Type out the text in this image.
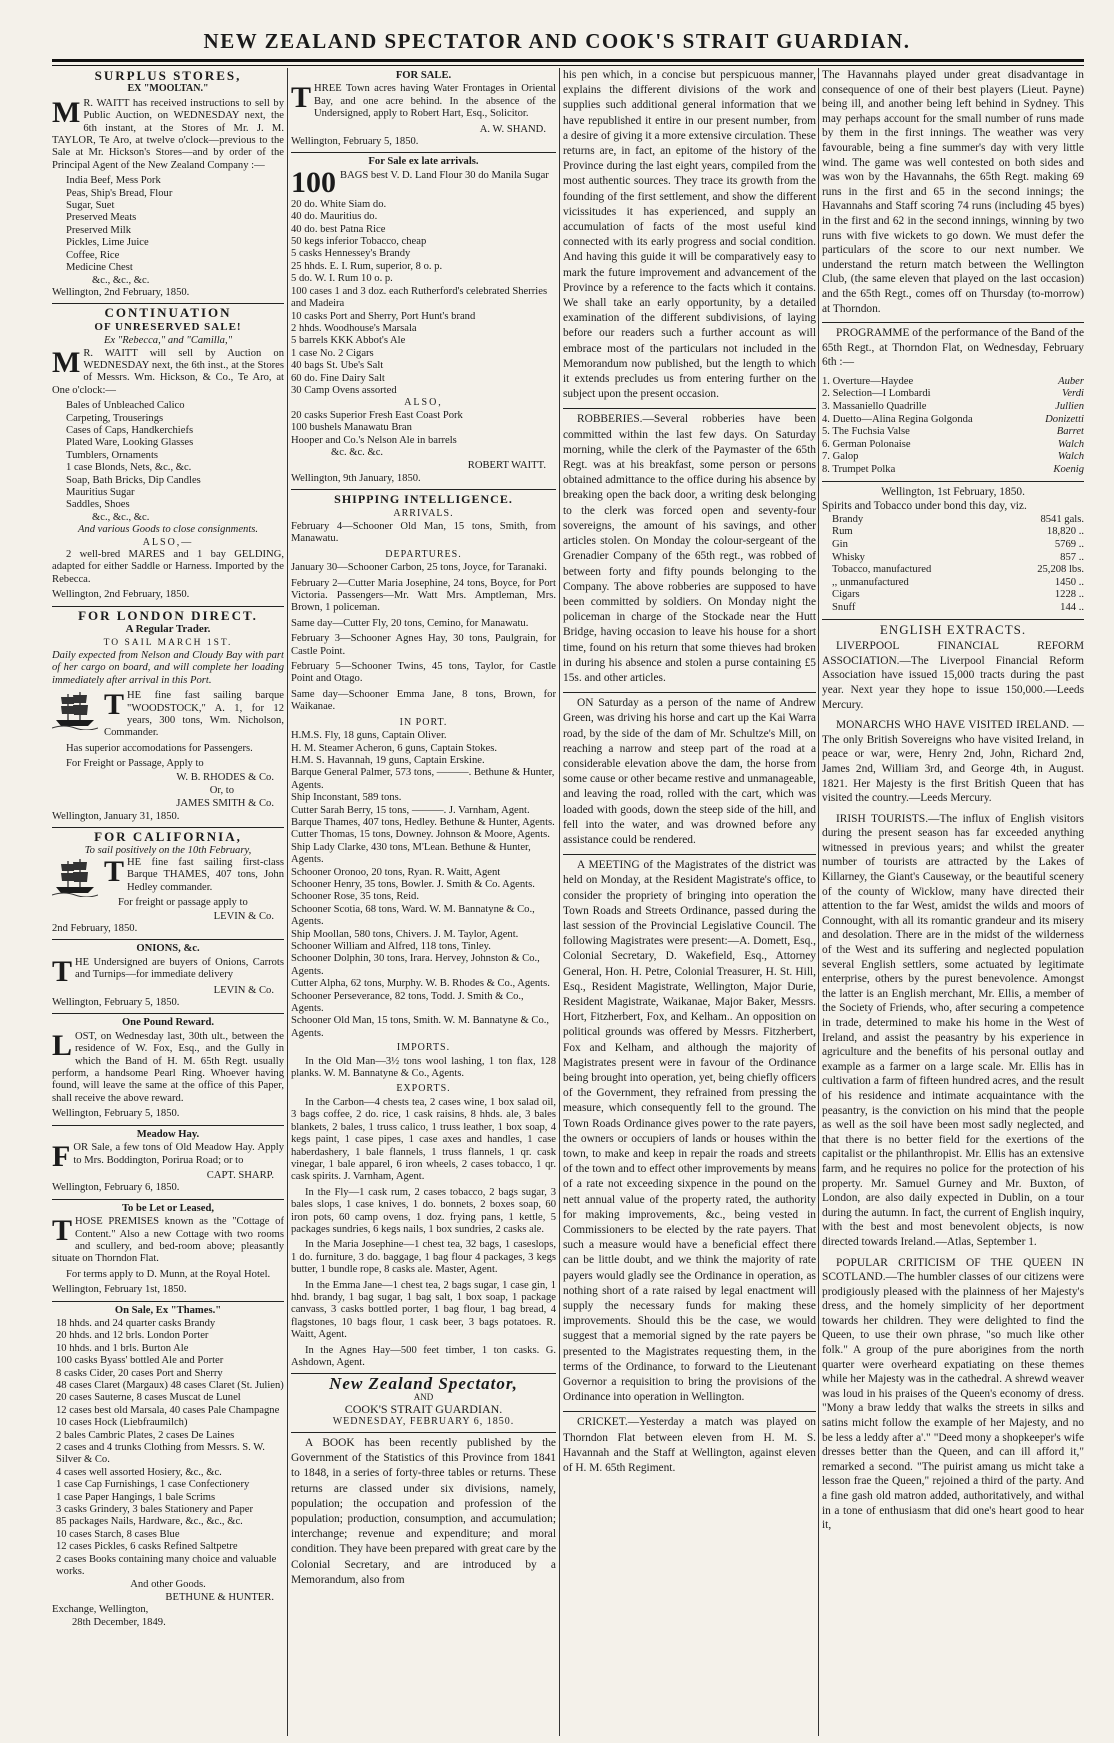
NEW ZEALAND SPECTATOR AND COOK'S STRAIT GUARDIAN.
SURPLUS STORES,
EX "MOOLTAN."
M R. WAITT has received instructions to sell by Public Auction, on WEDNESDAY next, the 6th instant, at the Stores of Mr. J. M. TAYLOR, Te Aro, at twelve o'clock—previous to the Sale at Mr. Hickson's Stores—and by order of the Principal Agent of the New Zealand Company :—
India Beef, Mess Pork
Peas, Ship's Bread, Flour
Sugar, Suet
Preserved Meats
Preserved Milk
Pickles, Lime Juice
Coffee, Rice
Medicine Chest
&c., &c., &c.
Wellington, 2nd February, 1850.
CONTINUATION
OF UNRESERVED SALE!
Ex "Rebecca," and "Camilla,"
M R. WAITT will sell by Auction on WEDNESDAY next, the 6th inst., at the Stores of Messrs. Wm. Hickson, & Co., Te Aro, at One o'clock:—
Bales of Unbleached Calico
Carpeting, Trouserings
Cases of Caps, Handkerchiefs
Plated Ware, Looking Glasses
Tumblers, Ornaments
1 case Blonds, Nets, &c., &c.
Soap, Bath Bricks, Dip Candles
Mauritius Sugar
Saddles, Shoes
&c., &c., &c.
And various Goods to close consignments.
ALSO,—
2 well-bred MARES and 1 bay GELDING, adapted for either Saddle or Harness. Imported by the Rebecca.
Wellington, 2nd February, 1850.
FOR LONDON DIRECT.
A Regular Trader.
TO SAIL MARCH 1ST.
Daily expected from Nelson and Cloudy Bay with part of her cargo on board, and will complete her loading immediately after arrival in this Port.
THE fine fast sailing barque "WOODSTOCK," A. 1, for 12 years, 300 tons, Wm. Nicholson, Commander.
Has superior accomodations for Passengers.
For Freight or Passage, Apply to
W. B. RHODES & Co.
Or, to
JAMES SMITH & Co.
Wellington, January 31, 1850.
FOR CALIFORNIA,
To sail positively on the 10th February,
THE fine fast sailing first-class Barque THAMES, 407 tons, John Hedley commander.
For freight or passage apply to
LEVIN & Co.
2nd February, 1850.
ONIONS, &c.
THE Undersigned are buyers of Onions, Carrots and Turnips—for immediate delivery
LEVIN & Co.
Wellington, February 5, 1850.
One Pound Reward.
LOST, on Wednesday last, 30th ult., between the residence of W. Fox, Esq., and the Gully in which the Band of H. M. 65th Regt. usually perform, a handsome Pearl Ring. Whoever having found, will leave the same at the office of this Paper, shall receive the above reward.
Wellington, February 5, 1850.
Meadow Hay.
FOR Sale, a few tons of Old Meadow Hay. Apply to Mrs. Boddington, Porirua Road; or to
CAPT. SHARP.
Wellington, February 6, 1850.
To be Let or Leased,
THOSE PREMISES known as the "Cottage of Content." Also a new Cottage with two rooms and scullery, and bed-room above; pleasantly situate on Thorndon Flat.
For terms apply to D. Munn, at the Royal Hotel.
Wellington, February 1st, 1850.
On Sale, Ex "Thames."
18 hhds. and 24 quarter casks Brandy
20 hhds. and 12 brls. London Porter
10 hhds. and 1 brls. Burton Ale
100 casks Byass' bottled Ale and Porter
8 casks Cider, 20 cases Port and Sherry
48 cases Claret (Margaux) 48 cases Claret (St. Julien)
20 cases Sauterne, 8 cases Muscat de Lunel
12 cases best old Marsala, 40 cases Pale Champagne
10 cases Hock (Liebfraumilch)
2 bales Cambric Plates, 2 cases De Laines
2 cases and 4 trunks Clothing from Messrs. S. W. Silver & Co.
4 cases well assorted Hosiery, &c., &c.
1 case Cap Furnishings, 1 case Confectionery
1 case Paper Hangings, 1 bale Scrims
3 casks Grindery, 3 bales Stationery and Paper
85 packages Nails, Hardware, &c., &c., &c.
10 cases Starch, 8 cases Blue
12 cases Pickles, 6 casks Refined Saltpetre
2 cases Books containing many choice and valuable works.
And other Goods.
BETHUNE & HUNTER.
Exchange, Wellington,
28th December, 1849.
FOR SALE.
THREE Town acres having Water Frontages in Oriental Bay, and one acre behind. In the absence of the Undersigned, apply to Robert Hart, Esq., Solicitor.
A. W. SHAND.
Wellington, February 5, 1850.
For Sale ex late arrivals.
100 BAGS best V. D. Land Flour 30 do Manila Sugar
20 do. White Siam do.
40 do. Mauritius do.
40 do. best Patna Rice
50 kegs inferior Tobacco, cheap
5 casks Hennessey's Brandy
25 hhds. E. I. Rum, superior, 8 o. p.
5 do. W. I. Rum 10 o. p.
100 cases 1 and 3 doz. each Rutherford's celebrated Sherries and Madeira
10 casks Port and Sherry, Port Hunt's brand
2 hhds. Woodhouse's Marsala
5 barrels KKK Abbot's Ale
1 case No. 2 Cigars
40 bags St. Ube's Salt
60 do. Fine Dairy Salt
30 Camp Ovens assorted
ALSO,
20 casks Superior Fresh East Coast Pork
100 bushels Manawatu Bran
Hooper and Co.'s Nelson Ale in barrels
&c. &c. &c.
ROBERT WAITT.
Wellington, 9th January, 1850.
SHIPPING INTELLIGENCE.
ARRIVALS.
February 4—Schooner Old Man, 15 tons, Smith, from Manawatu.
DEPARTURES.
January 30—Schooner Carbon, 25 tons, Joyce, for Taranaki.
February 2—Cutter Maria Josephine, 24 tons, Boyce, for Port Victoria. Passengers—Mr. Watt Mrs. Amptleman, Mrs. Brown, 1 policeman.
Same day—Cutter Fly, 20 tons, Cemino, for Manawatu.
February 3—Schooner Agnes Hay, 30 tons, Paulgrain, for Castle Point.
February 5—Schooner Twins, 45 tons, Taylor, for Castle Point and Otago.
Same day—Schooner Emma Jane, 8 tons, Brown, for Waikanae.
IN PORT.
H.M.S. Fly, 18 guns, Captain Oliver.
H. M. Steamer Acheron, 6 guns, Captain Stokes.
H.M. S. Havannah, 19 guns, Captain Erskine.
Barque General Palmer, 573 tons, ———. Bethune & Hunter, Agents.
Ship Inconstant, 589 tons.
Cutter Sarah Berry, 15 tons, ———. J. Varnham, Agent.
Barque Thames, 407 tons, Hedley. Bethune & Hunter, Agents.
Cutter Thomas, 15 tons, Downey. Johnson & Moore, Agents.
Ship Lady Clarke, 430 tons, M'Lean. Bethune & Hunter, Agents.
Schooner Oronoo, 20 tons, Ryan. R. Waitt, Agent
Schooner Henry, 35 tons, Bowler. J. Smith & Co. Agents.
Schooner Rose, 35 tons, Reid.
Schooner Scotia, 68 tons, Ward. W. M. Bannatyne & Co., Agents.
Ship Moollan, 580 tons, Chivers. J. M. Taylor, Agent.
Schooner William and Alfred, 118 tons, Tinley.
Schooner Dolphin, 30 tons, Irara. Hervey, Johnston & Co., Agents.
Cutter Alpha, 62 tons, Murphy. W. B. Rhodes & Co., Agents.
Schooner Perseverance, 82 tons, Todd. J. Smith & Co., Agents.
Schooner Old Man, 15 tons, Smith. W. M. Bannatyne & Co., Agents.
IMPORTS.
In the Old Man—3½ tons wool lashing, 1 ton flax, 128 planks. W. M. Bannatyne & Co., Agents.
EXPORTS.
In the Carbon—4 chests tea, 2 cases wine, 1 box salad oil, 3 bags coffee, 2 do. rice, 1 cask raisins, 8 hhds. ale, 3 bales blankets, 2 bales, 1 truss calico, 1 truss leather, 1 box soap, 4 kegs paint, 1 case pipes, 1 case axes and handles, 1 case haberdashery, 1 bale flannels, 1 truss flannels, 1 qr. cask vinegar, 1 bale apparel, 6 iron wheels, 2 cases tobacco, 1 qr. cask spirits. J. Varnham, Agent.
In the Fly—1 cask rum, 2 cases tobacco, 2 bags sugar, 3 bales slops, 1 case knives, 1 do. bonnets, 2 boxes soap, 60 iron pots, 60 camp ovens, 1 doz. frying pans, 1 kettle, 5 packages sundries, 6 kegs nails, 1 box sundries, 2 casks ale.
In the Maria Josephine—1 chest tea, 32 bags, 1 caseslops, 1 do. furniture, 3 do. baggage, 1 bag flour 4 packages, 3 kegs butter, 1 bundle rope, 8 casks ale. Master, Agent.
In the Emma Jane—1 chest tea, 2 bags sugar, 1 case gin, 1 hhd. brandy, 1 bag sugar, 1 bag salt, 1 box soap, 1 package canvass, 3 casks bottled porter, 1 bag flour, 1 bag bread, 4 flagstones, 10 bags flour, 1 cask beer, 3 bags potatoes. R. Waitt, Agent.
In the Agnes Hay—500 feet timber, 1 ton casks. G. Ashdown, Agent.
New Zealand Spectator,
AND
COOK'S STRAIT GUARDIAN.
WEDNESDAY, FEBRUARY 6, 1850.
A BOOK has been recently published by the Government of the Statistics of this Province from 1841 to 1848, in a series of forty-three tables or returns. These returns are classed under six divisions, namely, population; the occupation and profession of the population; production, consumption, and accumulation; interchange; revenue and expenditure; and moral condition. They have been prepared with great care by the Colonial Secretary, and are introduced by a Memorandum, also from
his pen which, in a concise but perspicuous manner, explains the different divisions of the work and supplies such additional general information that we have republished it entire in our present number, from a desire of giving it a more extensive circulation. These returns are, in fact, an epitome of the history of the Province during the last eight years, compiled from the most authentic sources. They trace its growth from the founding of the first settlement, and show the different vicissitudes it has experienced, and supply an accumulation of facts of the most useful kind connected with its early progress and social condition. And having this guide it will be comparatively easy to mark the future improvement and advancement of the Province by a reference to the facts which it contains. We shall take an early opportunity, by a detailed examination of the different subdivisions, of laying before our readers such a further account as will embrace most of the particulars not included in the Memorandum now published, but the length to which it extends precludes us from entering further on the subject upon the present occasion.
ROBBERIES.—Several robberies have been committed within the last few days. On Saturday morning, while the clerk of the Paymaster of the 65th Regt. was at his breakfast, some person or persons obtained admittance to the office during his absence by breaking open the back door, a writing desk belonging to the clerk was forced open and seventy-four sovereigns, the amount of his savings, and other articles stolen. On Monday the colour-sergeant of the Grenadier Company of the 65th regt., was robbed of between forty and fifty pounds belonging to the Company. The above robberies are supposed to have been committed by soldiers. On Monday night the policeman in charge of the Stockade near the Hutt Bridge, having occasion to leave his house for a short time, found on his return that some thieves had broken in during his absence and stolen a purse containing £5 15s. and other articles.
ON Saturday as a person of the name of Andrew Green, was driving his horse and cart up the Kai Warra road, by the side of the dam of Mr. Schultze's Mill, on reaching a narrow and steep part of the road at a considerable elevation above the dam, the horse from some cause or other became restive and unmanageable, and leaving the road, rolled with the cart, which was loaded with goods, down the steep side of the hill, and fell into the water, and was drowned before any assistance could be rendered.
A MEETING of the Magistrates of the district was held on Monday, at the Resident Magistrate's office, to consider the propriety of bringing into operation the Town Roads and Streets Ordinance, passed during the last session of the Provincial Legislative Council. The following Magistrates were present:—A. Domett, Esq., Colonial Secretary, D. Wakefield, Esq., Attorney General, Hon. H. Petre, Colonial Treasurer, H. St. Hill, Esq., Resident Magistrate, Wellington, Major Durie, Resident Magistrate, Waikanae, Major Baker, Messrs. Hort, Fitzherbert, Fox, and Kelham.. An opposition on political grounds was offered by Messrs. Fitzherbert, Fox and Kelham, and although the majority of Magistrates present were in favour of the Ordinance being brought into operation, yet, being chiefly officers of the Government, they refrained from pressing the measure, which consequently fell to the ground. The Town Roads Ordinance gives power to the rate payers, the owners or occupiers of lands or houses within the town, to make and keep in repair the roads and streets of the town and to effect other improvements by means of a rate not exceeding sixpence in the pound on the nett annual value of the property rated, the authority for making improvements, &c., being vested in Commissioners to be elected by the rate payers. That such a measure would have a beneficial effect there can be little doubt, and we think the majority of rate payers would gladly see the Ordinance in operation, as nothing short of a rate raised by legal enactment will supply the necessary funds for making these improvements. Should this be the case, we would suggest that a memorial signed by the rate payers be presented to the Magistrates requesting them, in the terms of the Ordinance, to forward to the Lieutenant Governor a requisition to bring the provisions of the Ordinance into operation in Wellington.
CRICKET.—Yesterday a match was played on Thorndon Flat between eleven from H. M. S. Havannah and the Staff at Wellington, against eleven of H. M. 65th Regiment.
The Havannahs played under great disadvantage in consequence of one of their best players (Lieut. Payne) being ill, and another being left behind in Sydney. This may perhaps account for the small number of runs made by them in the first innings. The weather was very favourable, being a fine summer's day with very little wind. The game was well contested on both sides and was won by the Havannahs, the 65th Regt. making 69 runs in the first and 65 in the second innings; the Havannahs and Staff scoring 74 runs (including 45 byes) in the first and 62 in the second innings, winning by two runs with five wickets to go down. We must defer the particulars of the score to our next number. We understand the return match between the Wellington Club, (the same eleven that played on the last occasion) and the 65th Regt., comes off on Thursday (to-morrow) at Thorndon.
PROGRAMME of the performance of the Band of the 65th Regt., at Thorndon Flat, on Wednesday, February 6th :—
1. Overture—Haydee	Auber
2. Selection—I Lombardi	Verdi
3. Massaniello Quadrille	Jullien
4. Duetto—Alina Regina Golgonda	Donizetti
5. The Fuchsia Valse	Barret
6. German Polonaise	Walch
7. Galop	Walch
8. Trumpet Polka	Koenig
Wellington, 1st February, 1850.
Spirits and Tobacco under bond this day, viz.
Brandy	8541 gals.
Rum	18,820 ..
Gin	5769 ..
Whisky	857 ..
Tobacco, manufactured	25,208 lbs.
,, unmanufactured	1450 ..
Cigars	1228 ..
Snuff	144 ..
ENGLISH EXTRACTS.
LIVERPOOL FINANCIAL REFORM ASSOCIATION.—The Liverpool Financial Reform Association have issued 15,000 tracts during the past year. Next year they hope to issue 150,000.—Leeds Mercury.
MONARCHS WHO HAVE VISITED IRELAND. —The only British Sovereigns who have visited Ireland, in peace or war, were, Henry 2nd, John, Richard 2nd, James 2nd, William 3rd, and George 4th, in August. 1821. Her Majesty is the first British Queen that has visited the country.—Leeds Mercury.
IRISH TOURISTS.—The influx of English visitors during the present season has far exceeded anything witnessed in previous years; and whilst the greater number of tourists are attracted by the Lakes of Killarney, the Giant's Causeway, or the beautiful scenery of the county of Wicklow, many have directed their attention to the far West, amidst the wilds and moors of Connought, with all its romantic grandeur and its misery and desolation. There are in the midst of the wilderness of the West and its suffering and neglected population several English settlers, some actuated by legitimate enterprise, others by the purest benevolence. Amongst the latter is an English merchant, Mr. Ellis, a member of the Society of Friends, who, after securing a competence in trade, determined to make his home in the West of Ireland, and assist the peasantry by his experience in agriculture and the benefits of his personal outlay and example as a farmer on a large scale. Mr. Ellis has in cultivation a farm of fifteen hundred acres, and the result of his residence and intimate acquaintance with the peasantry, is the conviction on his mind that the people as well as the soil have been most sadly neglected, and that there is no better field for the exertions of the capitalist or the philanthropist. Mr. Ellis has an extensive farm, and he requires no police for the protection of his property. Mr. Samuel Gurney and Mr. Buxton, of London, are also daily expected in Dublin, on a tour during the autumn. In fact, the current of English inquiry, with the best and most benevolent objects, is now directed towards Ireland.—Atlas, September 1.
POPULAR CRITICISM OF THE QUEEN IN SCOTLAND.—The humbler classes of our citizens were prodigiously pleased with the plainness of her Majesty's dress, and the homely simplicity of her deportment towards her children. They were delighted to find the Queen, to use their own phrase, "so much like other folk." A group of the pure aborigines from the north quarter were overheard expatiating on these themes while her Majesty was in the cathedral. A shrewd weaver was loud in his praises of the Queen's economy of dress. "Mony a braw leddy that walks the streets in silks and satins micht follow the example of her Majesty, and no be less a leddy after a'." "Deed mony a shopkeeper's wife dresses better than the Queen, and can ill afford it," remarked a second. "The puirist amang us micht take a lesson frae the Queen," rejoined a third of the party. And a fine gash old matron added, authoritatively, and withal in a tone of enthusiasm that did one's heart good to hear it,
